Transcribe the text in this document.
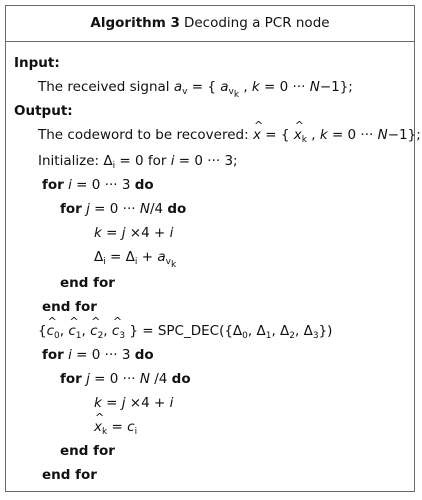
Algorithm 3 Decoding a PCR node
Input:
The received signal $a_v$ = { $a_{v_k}$ , k = 0 ··· N−1};
Output:
The codeword to be recovered: ^ x = { ^ $x_k$ , k = 0 ··· N−1};
Initialize: $\Delta_i = 0$ for i = 0 ··· 3;
for i = 0 ··· 3 do
for j = 0 ··· N/4 do
k = j ×4 + i
$\Delta_i = \Delta_i + a_{v_k}$
end for
end for
{^ $c_0$, ^ $c_1$, ^ $c_2$, ^ $c_3$ } = $SPC\_DEC(\{\Delta_0$, $\Delta_1$, $\Delta_2$, $\Delta_3$})
for i = 0 ··· 3 do
for j = 0 ··· N /4 do
k = j ×4 + i
^ $x_k = c_i$
end for
end for
